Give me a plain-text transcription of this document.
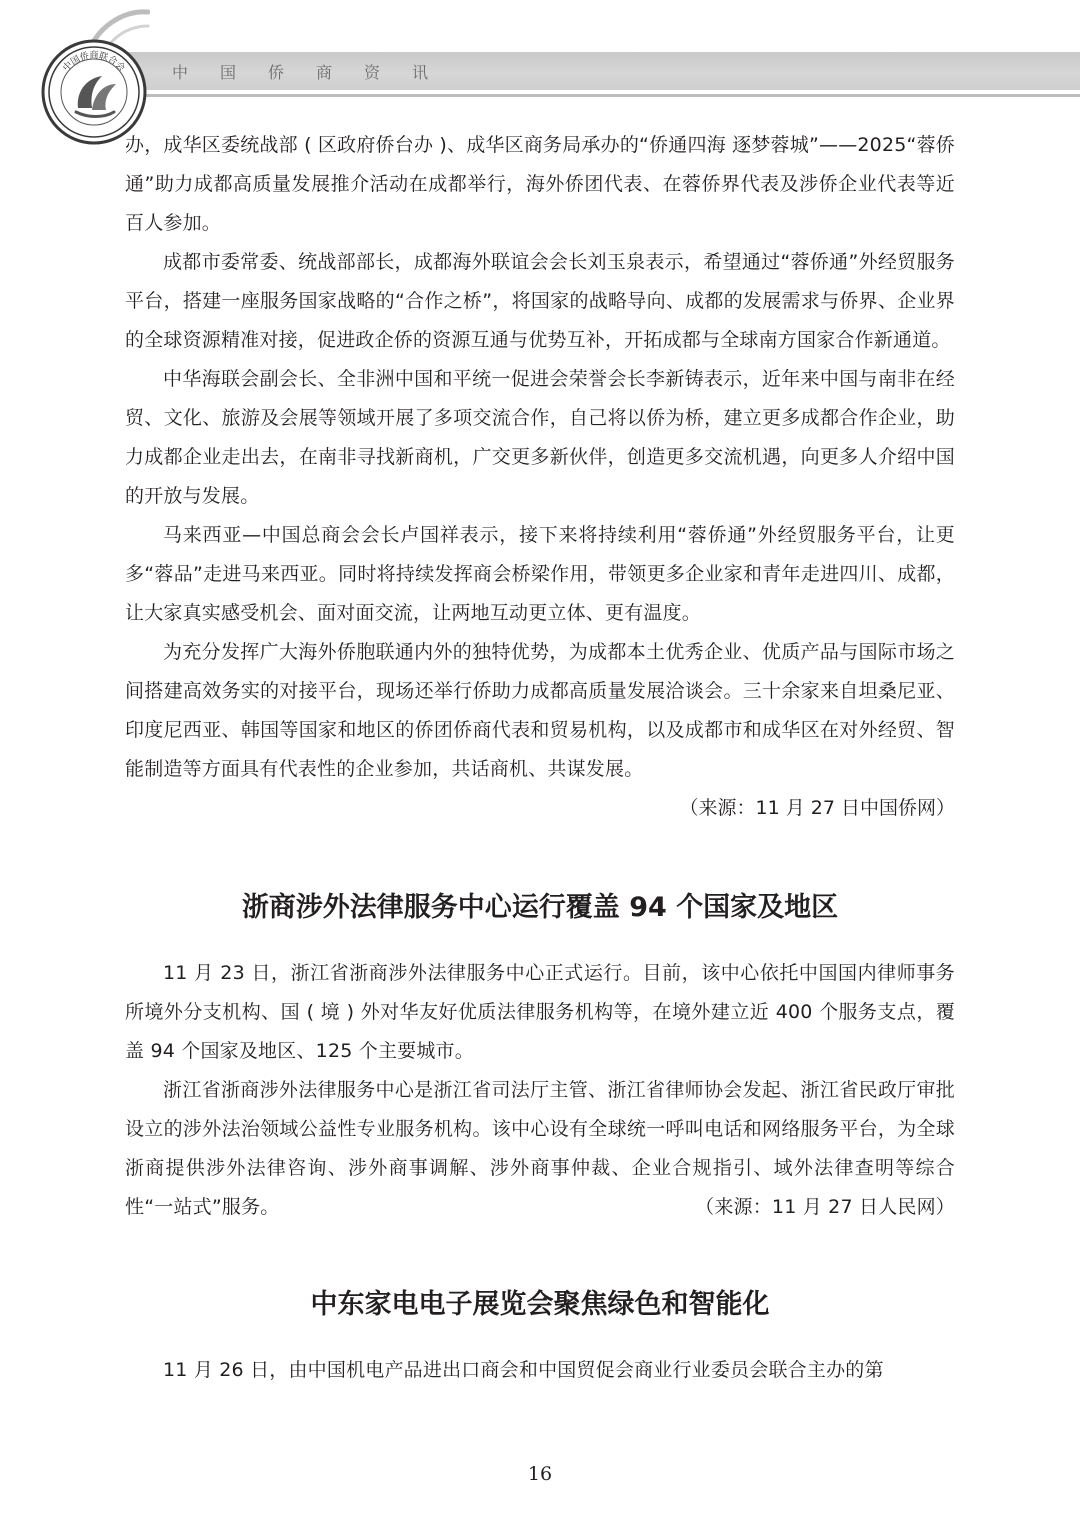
中国侨商联合会	中国侨商资讯

办，成华区委统战部 ( 区政府侨台办 )、成华区商务局承办的“侨通四海 逐梦蓉城”——2025“蓉侨通”助力成都高质量发展推介活动在成都举行，海外侨团代表、在蓉侨界代表及涉侨企业代表等近百人参加。

成都市委常委、统战部部长，成都海外联谊会会长刘玉泉表示，希望通过“蓉侨通”外经贸服务平台，搭建一座服务国家战略的“合作之桥”，将国家的战略导向、成都的发展需求与侨界、企业界的全球资源精准对接，促进政企侨的资源互通与优势互补，开拓成都与全球南方国家合作新通道。

中华海联会副会长、全非洲中国和平统一促进会荣誉会长李新铸表示，近年来中国与南非在经贸、文化、旅游及会展等领域开展了多项交流合作，自己将以侨为桥，建立更多成都合作企业，助力成都企业走出去，在南非寻找新商机，广交更多新伙伴，创造更多交流机遇，向更多人介绍中国的开放与发展。

马来西亚—中国总商会会长卢国祥表示，接下来将持续利用“蓉侨通”外经贸服务平台，让更多“蓉品”走进马来西亚。同时将持续发挥商会桥梁作用，带领更多企业家和青年走进四川、成都，让大家真实感受机会、面对面交流，让两地互动更立体、更有温度。

为充分发挥广大海外侨胞联通内外的独特优势，为成都本土优秀企业、优质产品与国际市场之间搭建高效务实的对接平台，现场还举行侨助力成都高质量发展洽谈会。三十余家来自坦桑尼亚、印度尼西亚、韩国等国家和地区的侨团侨商代表和贸易机构，以及成都市和成华区在对外经贸、智能制造等方面具有代表性的企业参加，共话商机、共谋发展。

（来源：11 月 27 日中国侨网）

浙商涉外法律服务中心运行覆盖 94 个国家及地区

11 月 23 日，浙江省浙商涉外法律服务中心正式运行。目前，该中心依托中国国内律师事务所境外分支机构、国 ( 境 ) 外对华友好优质法律服务机构等，在境外建立近 400 个服务支点，覆盖 94 个国家及地区、125 个主要城市。

浙江省浙商涉外法律服务中心是浙江省司法厅主管、浙江省律师协会发起、浙江省民政厅审批设立的涉外法治领域公益性专业服务机构。该中心设有全球统一呼叫电话和网络服务平台，为全球浙商提供涉外法律咨询、涉外商事调解、涉外商事仲裁、企业合规指引、域外法律查明等综合性“一站式”服务。	（来源：11 月 27 日人民网）

中东家电电子展览会聚焦绿色和智能化

11 月 26 日，由中国机电产品进出口商会和中国贸促会商业行业委员会联合主办的第

16
